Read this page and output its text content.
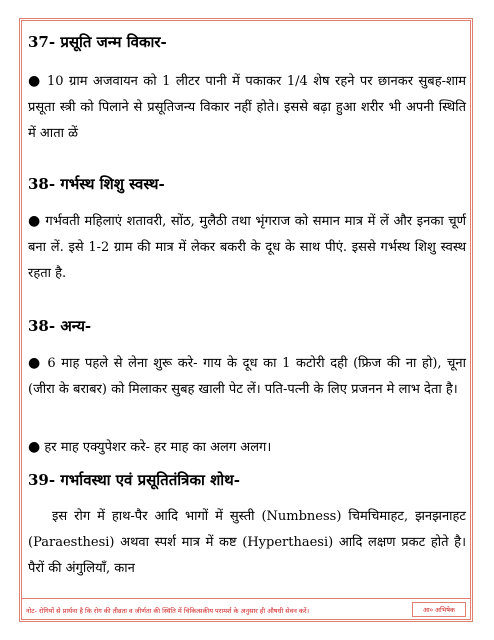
37- प्रसूति जन्म विकार-

● 10 ग्राम अजवायन को 1 लीटर पानी में पकाकर 1/4 शेष रहने पर छानकर सुबह-शाम प्रसूता स्त्री को पिलाने से प्रसूतिजन्य विकार नहीं होते। इससे बढ़ा हुआ शरीर भी अपनी स्थिति में आता ळें

38- गर्भस्थ शिशु स्वस्थ-

● गर्भवती महिलाएं शतावरी, सोंठ, मुलैठी तथा भृंगराज को समान मात्र में लें और इनका चूर्ण बना लें. इसे 1-2 ग्राम की मात्र में लेकर बकरी के दूध के साथ पीएं. इससे गर्भस्थ शिशु स्वस्थ रहता है.

38- अन्य-

● 6 माह पहले से लेना शुरू करे- गाय के दूध का 1 कटोरी दही (फ्रिज की ना हो), चूना (जीरा के बराबर) को मिलाकर सुबह खाली पेट लें। पति-पत्नी के लिए प्रजनन मे लाभ देता है।

● हर माह एक्युपेशर करे- हर माह का अलग अलग।

39- गर्भावस्था एवं प्रसूतितंत्रिका शोथ-

इस रोग में हाथ-पैर आदि भागों में सुस्ती (Numbness) चिमचिमाहट, झनझनाहट (Paraesthesi) अथवा स्पर्श मात्र में कष्ट (Hyperthaesi) आदि लक्षण प्रकट होते है। पैरों की अंगुलियाँ, कान

नोट- रोगियों से प्रार्थना है कि रोग की तीव्रता व जीर्णता की स्थिति में चिकित्सकीय परामर्श के अनुसार ही औषधी सेवन करें।	आ० अभिषेक
